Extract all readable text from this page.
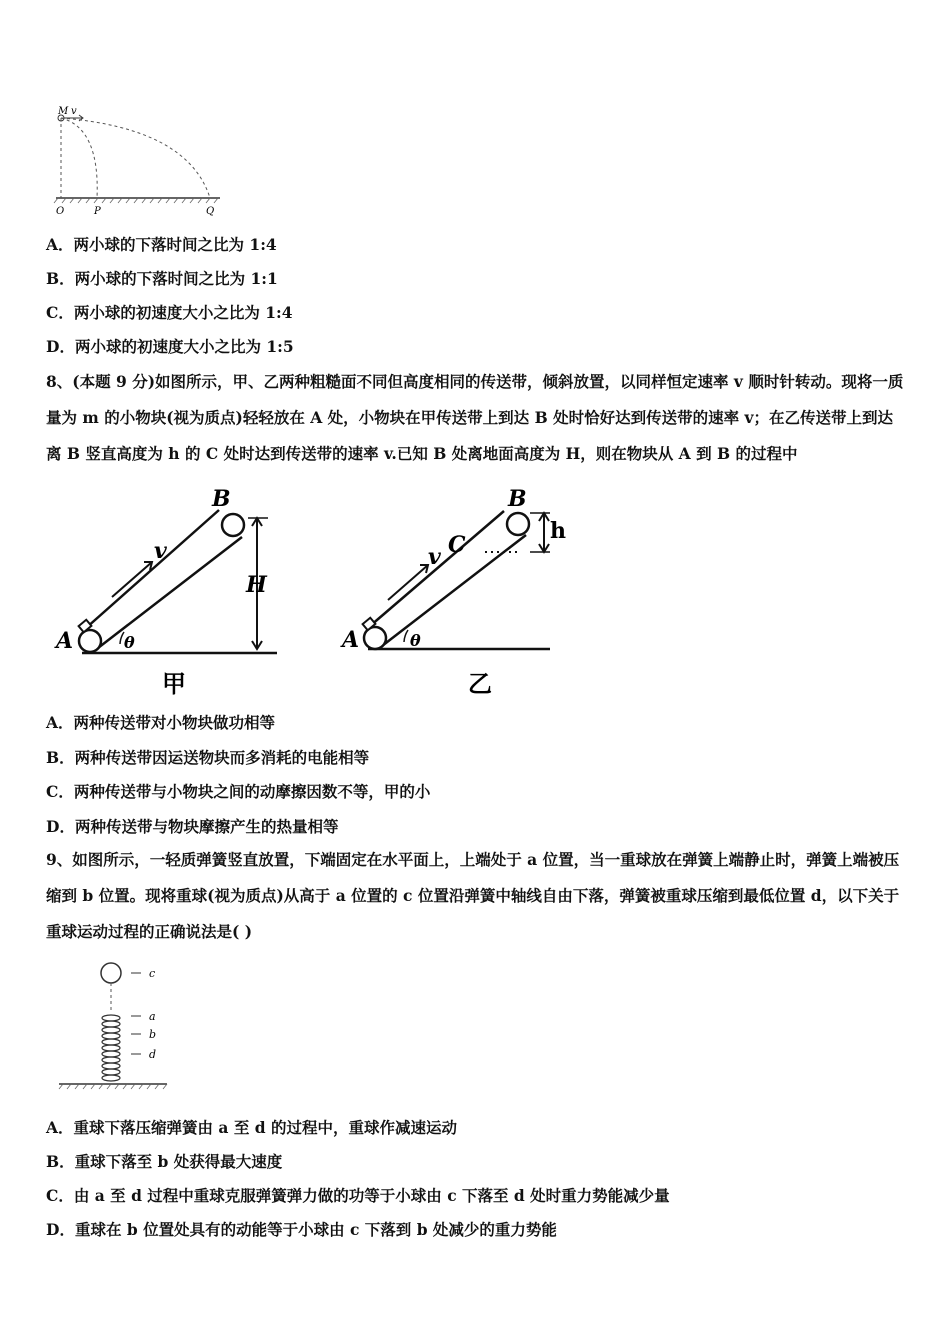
M v
O	P	Q
A．两小球的下落时间之比为 1:4
B．两小球的下落时间之比为 1:1
C．两小球的初速度大小之比为 1:4
D．两小球的初速度大小之比为 1:5
8、(本题 9 分)如图所示，甲、乙两种粗糙面不同但高度相同的传送带，倾斜放置，以同样恒定速率 v 顺时针转动。现将一质量为 m 的小物块(视为质点)轻轻放在 A 处，小物块在甲传送带上到达 B 处时恰好达到传送带的速率 v；在乙传送带上到达离 B 竖直高度为 h 的 C 处时达到传送带的速率 v.已知 B 处离地面高度为 H，则在物块从 A 到 B 的过程中
B
v
H
A	θ
甲
B
C
h
v
A	θ
乙
A．两种传送带对小物块做功相等
B．两种传送带因运送物块而多消耗的电能相等
C．两种传送带与小物块之间的动摩擦因数不等，甲的小
D．两种传送带与物块摩擦产生的热量相等
9、如图所示，一轻质弹簧竖直放置，下端固定在水平面上，上端处于 a 位置，当一重球放在弹簧上端静止时，弹簧上端被压缩到 b 位置。现将重球(视为质点)从高于 a 位置的 c 位置沿弹簧中轴线自由下落，弹簧被重球压缩到最低位置 d，以下关于重球运动过程的正确说法是( )
c
a
b
d
A．重球下落压缩弹簧由 a 至 d 的过程中，重球作减速运动
B．重球下落至 b 处获得最大速度
C．由 a 至 d 过程中重球克服弹簧弹力做的功等于小球由 c 下落至 d 处时重力势能减少量
D．重球在 b 位置处具有的动能等于小球由 c 下落到 b 处减少的重力势能
